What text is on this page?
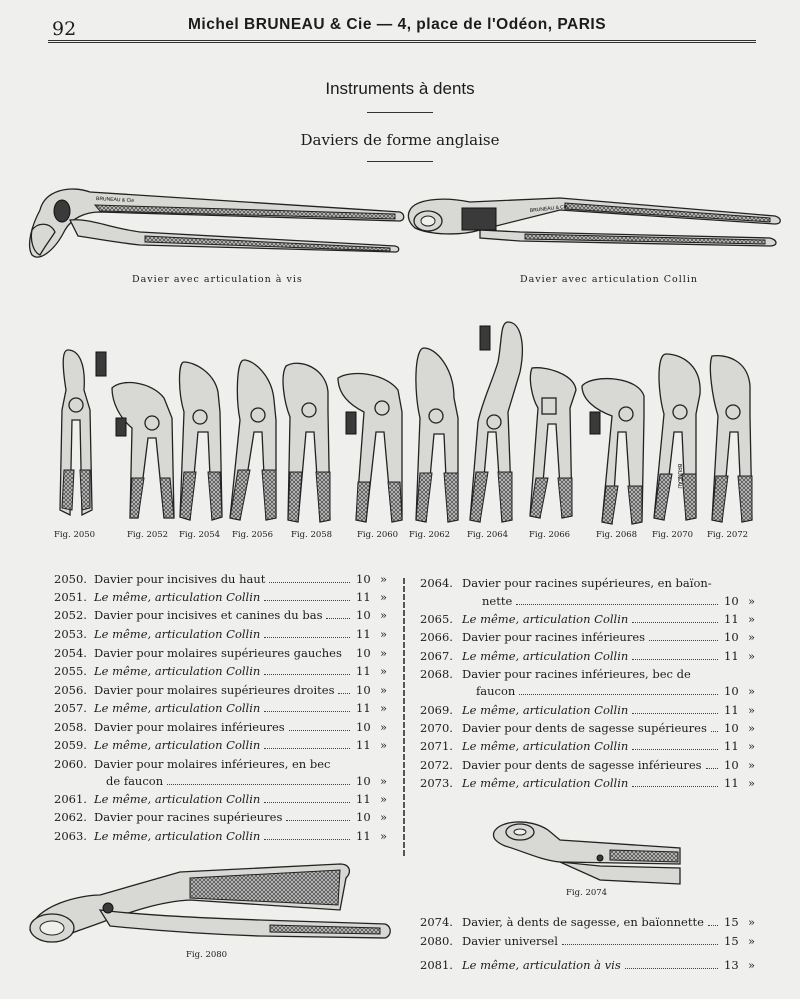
92	Michel BRUNEAU & Cie — 4, place de l'Odéon, PARIS
Instruments à dents
Daviers de forme anglaise
BRUNEAU & Cie
BRUNEAU & Cie
BRUNEAU
Davier avec articulation à vis	Davier avec articulation Collin
Fig. 2050	Fig. 2052 Fig. 2054 Fig. 2056 Fig. 2058	Fig. 2060 Fig. 2062 Fig. 2064 Fig. 2066	Fig. 2068 Fig. 2070 Fig. 2072
Fig. 2074
Fig. 2080
2050. Davier pour incisives du haut	10 »
2051. Le même, articulation Collin	11 »
2052. Davier pour incisives et canines du bas	10 »
2053. Le même, articulation Collin	11 »
2054. Davier pour molaires supérieures gauches 10 »
2055. Le même, articulation Collin	11 »
2056. Davier pour molaires supérieures droites 10 »
2057. Le même, articulation Collin	11 »
2058. Davier pour molaires inférieures	10 »
2059. Le même, articulation Collin	11 »
2060. Davier pour molaires inférieures, en bec
de faucon	10 »
2061. Le même, articulation Collin	11 »
2062. Davier pour racines supérieures	10 »
2063. Le même, articulation Collin	11 »
2064. Davier pour racines supérieures, en baïon-
nette	10 »
2065. Le même, articulation Collin	11 »
2066. Davier pour racines inférieures	10 »
2067. Le même, articulation Collin	11 »
2068. Davier pour racines inférieures, bec de
faucon	10 »
2069. Le même, articulation Collin	11 »
2070. Davier pour dents de sagesse supérieures 10 »
2071. Le même, articulation Collin	11 »
2072. Davier pour dents de sagesse inférieures 10 »
2073. Le même, articulation Collin	11 »
2074. Davier, à dents de sagesse, en baïonnette 15 »
2080. Davier universel	15 »
2081. Le même, articulation à vis	13 »
